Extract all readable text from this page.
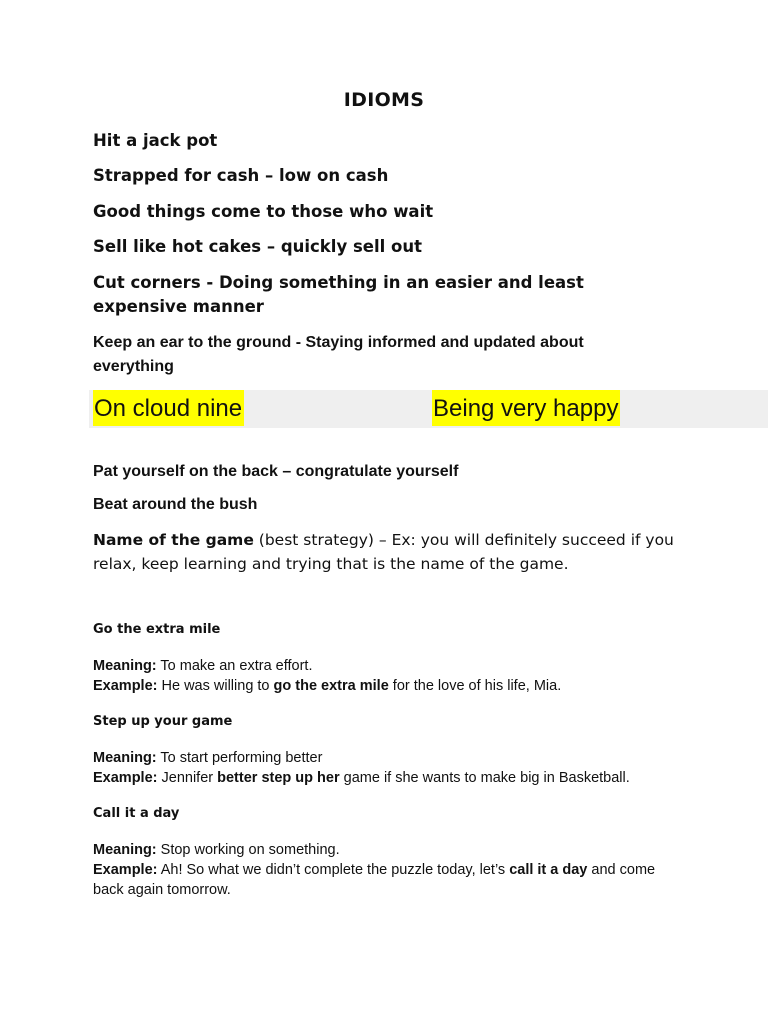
IDIOMS

Hit a jack pot

Strapped for cash – low on cash

Good things come to those who wait

Sell like hot cakes – quickly sell out

Cut corners - Doing something in an easier and least expensive manner

Keep an ear to the ground - Staying informed and updated about everything

On cloud nine	Being very happy

Pat yourself on the back – congratulate yourself

Beat around the bush

Name of the game (best strategy) – Ex: you will definitely succeed if you relax, keep learning and trying that is the name of the game.

Go the extra mile

Meaning: To make an extra effort.

Example: He was willing to go the extra mile for the love of his life, Mia.

Step up your game

Meaning: To start performing better

Example: Jennifer better step up her game if she wants to make big in Basketball.

Call it a day

Meaning: Stop working on something.

Example: Ah! So what we didn’t complete the puzzle today, let’s call it a day and come back again tomorrow.
